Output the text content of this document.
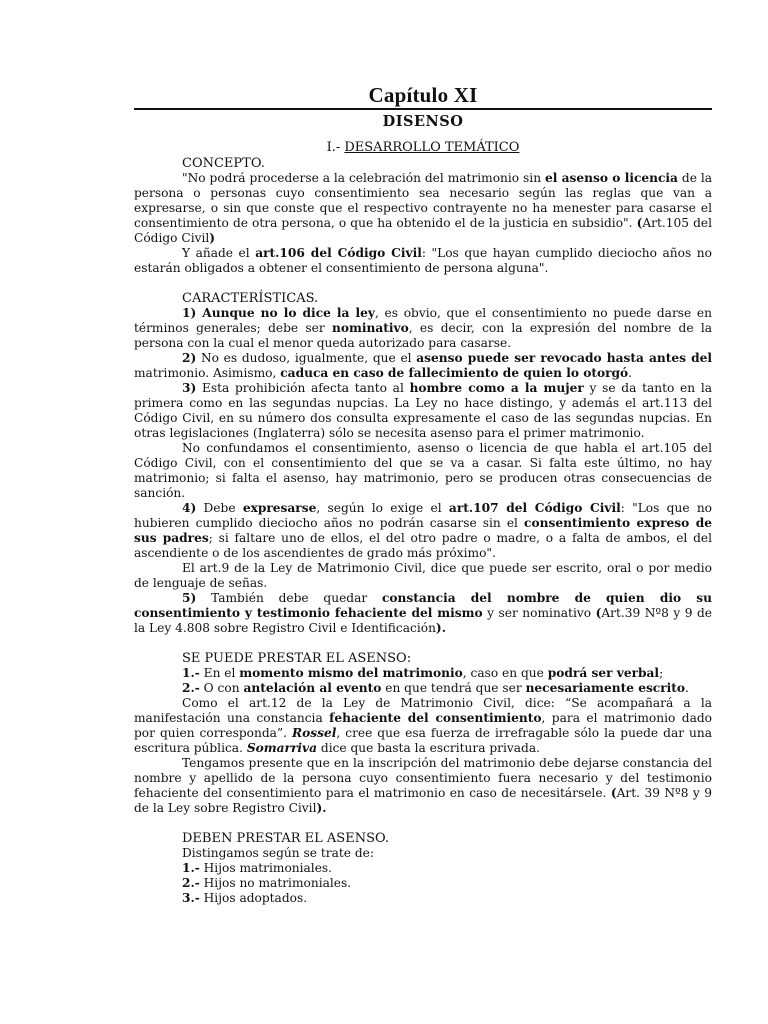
Capítulo XI
DISENSO
I.- DESARROLLO TEMÁTICO
CONCEPTO.

"No podrá procederse a la celebración del matrimonio sin el asenso o licencia de la persona o personas cuyo consentimiento sea necesario según las reglas que van a expresarse, o sin que conste que el respectivo contrayente no ha menester para casarse el consentimiento de otra persona, o que ha obtenido el de la justicia en subsidio". (Art.105 del Código Civil)

Y añade el art.106 del Código Civil: "Los que hayan cumplido dieciocho años no estarán obligados a obtener el consentimiento de persona alguna".

CARACTERÍSTICAS.

1) Aunque no lo dice la ley, es obvio, que el consentimiento no puede darse en términos generales; debe ser nominativo, es decir, con la expresión del nombre de la persona con la cual el menor queda autorizado para casarse.

2) No es dudoso, igualmente, que el asenso puede ser revocado hasta antes del matrimonio. Asimismo, caduca en caso de fallecimiento de quien lo otorgó.

3) Esta prohibición afecta tanto al hombre como a la mujer y se da tanto en la primera como en las segundas nupcias. La Ley no hace distingo, y además el art.113 del Código Civil, en su número dos consulta expresamente el caso de las segundas nupcias. En otras legislaciones (Inglaterra) sólo se necesita asenso para el primer matrimonio.

No confundamos el consentimiento, asenso o licencia de que habla el art.105 del Código Civil, con el consentimiento del que se va a casar. Si falta este último, no hay matrimonio; si falta el asenso, hay matrimonio, pero se producen otras consecuencias de sanción.

4) Debe expresarse, según lo exige el art.107 del Código Civil: "Los que no hubieren cumplido dieciocho años no podrán casarse sin el consentimiento expreso de sus padres; si faltare uno de ellos, el del otro padre o madre, o a falta de ambos, el del ascendiente o de los ascendientes de grado más próximo".

El art.9 de la Ley de Matrimonio Civil, dice que puede ser escrito, oral o por medio de lenguaje de señas.

5) También debe quedar constancia del nombre de quien dio su consentimiento y testimonio fehaciente del mismo y ser nominativo (Art.39 Nº8 y 9 de la Ley 4.808 sobre Registro Civil e Identificación).

SE PUEDE PRESTAR EL ASENSO:

1.- En el momento mismo del matrimonio, caso en que podrá ser verbal;

2.- O con antelación al evento en que tendrá que ser necesariamente escrito.

Como el art.12 de la Ley de Matrimonio Civil, dice: “Se acompañará a la manifestación una constancia fehaciente del consentimiento, para el matrimonio dado por quien corresponda”. Rossel, cree que esa fuerza de irrefragable sólo la puede dar una escritura pública. Somarriva dice que basta la escritura privada.

Tengamos presente que en la inscripción del matrimonio debe dejarse constancia del nombre y apellido de la persona cuyo consentimiento fuera necesario y del testimonio fehaciente del consentimiento para el matrimonio en caso de necesitársele. (Art. 39 Nº8 y 9 de la Ley sobre Registro Civil).

DEBEN PRESTAR EL ASENSO.
Distingamos según se trate de:
1.- Hijos matrimoniales.
2.- Hijos no matrimoniales.
3.- Hijos adoptados.
